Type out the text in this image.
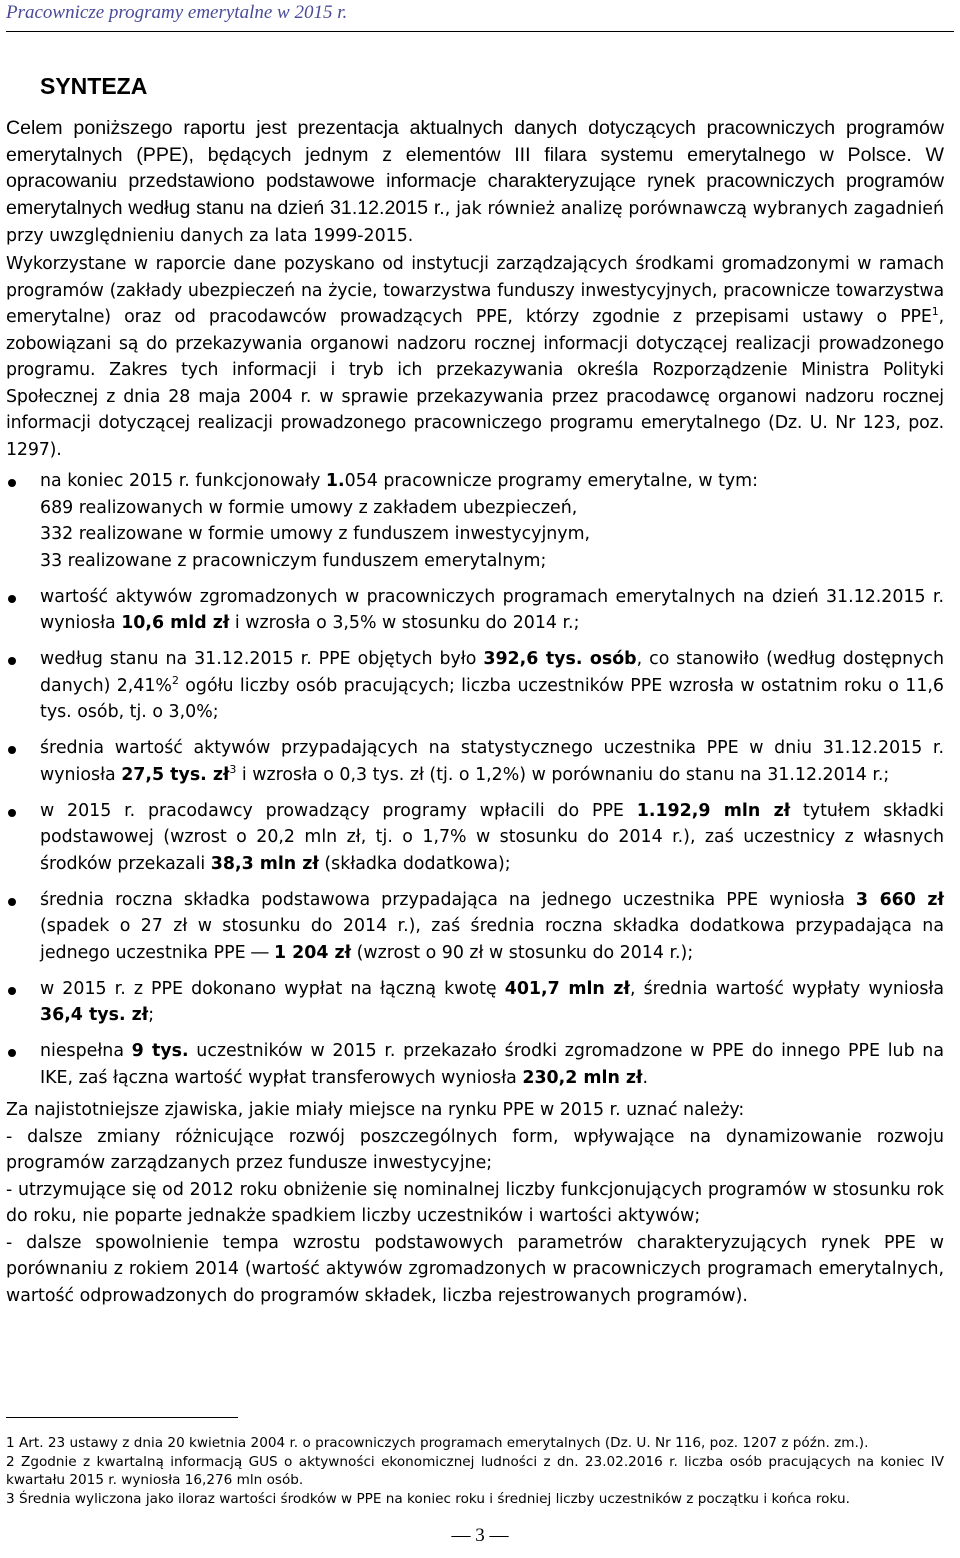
Pracownicze programy emerytalne w 2015 r.
SYNTEZA
Celem poniższego raportu jest prezentacja aktualnych danych dotyczących pracowniczych programów emerytalnych (PPE), będących jednym z elementów III filara systemu emerytalnego w Polsce. W opracowaniu przedstawiono podstawowe informacje charakteryzujące rynek pracowniczych programów emerytalnych według stanu na dzień 31.12.2015 r., jak również analizę porównawczą wybranych zagadnień przy uwzględnieniu danych za lata 1999-2015.
Wykorzystane w raporcie dane pozyskano od instytucji zarządzających środkami gromadzonymi w ramach programów (zakłady ubezpieczeń na życie, towarzystwa funduszy inwestycyjnych, pracownicze towarzystwa emerytalne) oraz od pracodawców prowadzących PPE, którzy zgodnie z przepisami ustawy o PPE$^1$, zobowiązani są do przekazywania organowi nadzoru rocznej informacji dotyczącej realizacji prowadzonego programu. Zakres tych informacji i tryb ich przekazywania określa Rozporządzenie Ministra Polityki Społecznej z dnia 28 maja 2004 r. w sprawie przekazywania przez pracodawcę organowi nadzoru rocznej informacji dotyczącej realizacji prowadzonego pracowniczego programu emerytalnego (Dz. U. Nr 123, poz. 1297).
na koniec 2015 r. funkcjonowały 1.054 pracownicze programy emerytalne, w tym:
689 realizowanych w formie umowy z zakładem ubezpieczeń,
332 realizowane w formie umowy z funduszem inwestycyjnym,
33 realizowane z pracowniczym funduszem emerytalnym;
wartość aktywów zgromadzonych w pracowniczych programach emerytalnych na dzień 31.12.2015 r. wyniosła 10,6 mld zł i wzrosła o 3,5% w stosunku do 2014 r.;
według stanu na 31.12.2015 r. PPE objętych było 392,6 tys. osób, co stanowiło (według dostępnych danych) 2,41%$^2$ ogółu liczby osób pracujących; liczba uczestników PPE wzrosła w ostatnim roku o 11,6 tys. osób, tj. o 3,0%;
średnia wartość aktywów przypadających na statystycznego uczestnika PPE w dniu 31.12.2015 r. wyniosła 27,5 tys. $zł^3$ i wzrosła o 0,3 tys. zł (tj. o 1,2%) w porównaniu do stanu na 31.12.2014 r.;
w 2015 r. pracodawcy prowadzący programy wpłacili do PPE 1.192,9 mln zł tytułem składki podstawowej (wzrost o 20,2 mln zł, tj. o 1,7% w stosunku do 2014 r.), zaś uczestnicy z własnych środków przekazali 38,3 mln zł (składka dodatkowa);
średnia roczna składka podstawowa przypadająca na jednego uczestnika PPE wyniosła 3 660 zł (spadek o 27 zł w stosunku do 2014 r.), zaś średnia roczna składka dodatkowa przypadająca na jednego uczestnika PPE ― 1 204 zł (wzrost o 90 zł w stosunku do 2014 r.);
w 2015 r. z PPE dokonano wypłat na łączną kwotę 401,7 mln zł, średnia wartość wypłaty wyniosła 36,4 tys. zł;
niespełna 9 tys. uczestników w 2015 r. przekazało środki zgromadzone w PPE do innego PPE lub na IKE, zaś łączna wartość wypłat transferowych wyniosła 230,2 mln zł.
Za najistotniejsze zjawiska, jakie miały miejsce na rynku PPE w 2015 r. uznać należy:
- dalsze zmiany różnicujące rozwój poszczególnych form, wpływające na dynamizowanie rozwoju programów zarządzanych przez fundusze inwestycyjne;
- utrzymujące się od 2012 roku obniżenie się nominalnej liczby funkcjonujących programów w stosunku rok do roku, nie poparte jednakże spadkiem liczby uczestników i wartości aktywów;
- dalsze spowolnienie tempa wzrostu podstawowych parametrów charakteryzujących rynek PPE w porównaniu z rokiem 2014 (wartość aktywów zgromadzonych w pracowniczych programach emerytalnych, wartość odprowadzonych do programów składek, liczba rejestrowanych programów).
1 Art. 23 ustawy z dnia 20 kwietnia 2004 r. o pracowniczych programach emerytalnych (Dz. U. Nr 116, poz. 1207 z późn. zm.).
2 Zgodnie z kwartalną informacją GUS o aktywności ekonomicznej ludności z dn. 23.02.2016 r. liczba osób pracujących na koniec IV kwartału 2015 r. wyniosła 16,276 mln osób.
3 Średnia wyliczona jako iloraz wartości środków w PPE na koniec roku i średniej liczby uczestników z początku i końca roku.
― 3 ―
